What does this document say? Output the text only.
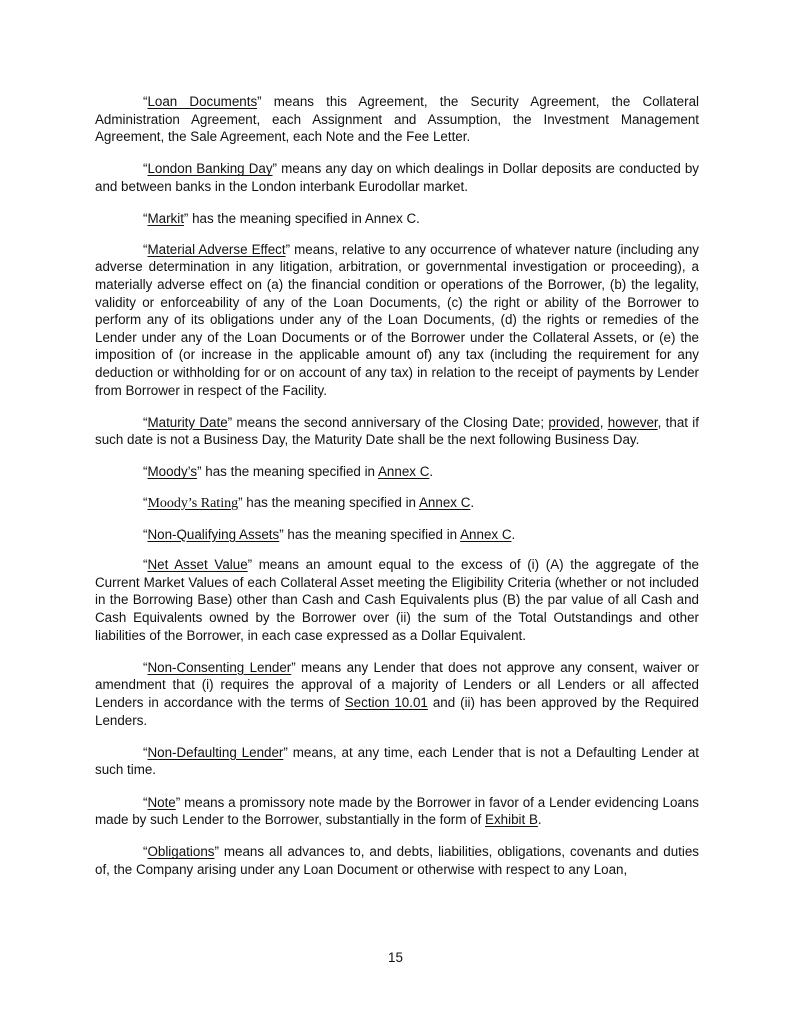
“Loan Documents” means this Agreement, the Security Agreement, the Collateral Administration Agreement, each Assignment and Assumption, the Investment Management Agreement, the Sale Agreement, each Note and the Fee Letter.

“London Banking Day” means any day on which dealings in Dollar deposits are conducted by and between banks in the London interbank Eurodollar market.

“Markit” has the meaning specified in Annex C.

“Material Adverse Effect” means, relative to any occurrence of whatever nature (including any adverse determination in any litigation, arbitration, or governmental investigation or proceeding), a materially adverse effect on (a) the financial condition or operations of the Borrower, (b) the legality, validity or enforceability of any of the Loan Documents, (c) the right or ability of the Borrower to perform any of its obligations under any of the Loan Documents, (d) the rights or remedies of the Lender under any of the Loan Documents or of the Borrower under the Collateral Assets, or (e) the imposition of (or increase in the applicable amount of) any tax (including the requirement for any deduction or withholding for or on account of any tax) in relation to the receipt of payments by Lender from Borrower in respect of the Facility.

“Maturity Date” means the second anniversary of the Closing Date; provided, however, that if such date is not a Business Day, the Maturity Date shall be the next following Business Day.

“Moody’s” has the meaning specified in Annex C.

“Moody’s Rating” has the meaning specified in Annex C.

“Non-Qualifying Assets” has the meaning specified in Annex C.

“Net Asset Value” means an amount equal to the excess of (i) (A) the aggregate of the Current Market Values of each Collateral Asset meeting the Eligibility Criteria (whether or not included in the Borrowing Base) other than Cash and Cash Equivalents plus (B) the par value of all Cash and Cash Equivalents owned by the Borrower over (ii) the sum of the Total Outstandings and other liabilities of the Borrower, in each case expressed as a Dollar Equivalent.

“Non-Consenting Lender” means any Lender that does not approve any consent, waiver or amendment that (i) requires the approval of a majority of Lenders or all Lenders or all affected Lenders in accordance with the terms of Section 10.01 and (ii) has been approved by the Required Lenders.

“Non-Defaulting Lender” means, at any time, each Lender that is not a Defaulting Lender at such time.

“Note” means a promissory note made by the Borrower in favor of a Lender evidencing Loans made by such Lender to the Borrower, substantially in the form of Exhibit B.

“Obligations” means all advances to, and debts, liabilities, obligations, covenants and duties of, the Company arising under any Loan Document or otherwise with respect to any Loan,

15
